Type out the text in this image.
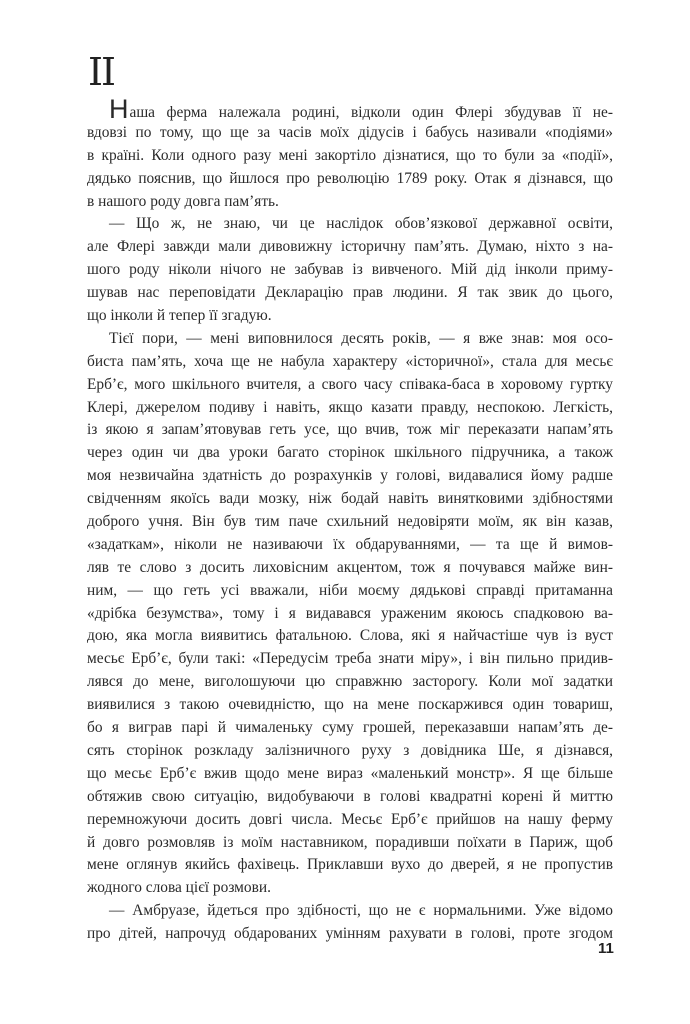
II
Наша ферма належала родині, відколи один Флері збудував її не-
вдовзі по тому, що ще за часів моїх дідусів і бабусь називали «подіями»
в країні. Коли одного разу мені закортіло дізнатися, що то були за «події»,
дядько пояснив, що йшлося про революцію 1789 року. Отак я дізнався, що
в нашого роду довга пам’ять.
— Що ж, не знаю, чи це наслідок обов’язкової державної освіти,
але Флері завжди мали дивовижну історичну пам’ять. Думаю, ніхто з на-
шого роду ніколи нічого не забував із вивченого. Мій дід інколи приму-
шував нас переповідати Декларацію прав людини. Я так звик до цього,
що інколи й тепер її згадую.
Тієї пори, — мені виповнилося десять років, — я вже знав: моя осо-
биста пам’ять, хоча ще не набула характеру «історичної», стала для месьє
Ерб’є, мого шкільного вчителя, а свого часу співака-баса в хоровому гуртку
Клері, джерелом подиву і навіть, якщо казати правду, неспокою. Легкість,
із якою я запам’ятовував геть усе, що вчив, тож міг переказати напам’ять
через один чи два уроки багато сторінок шкільного підручника, а також
моя незвичайна здатність до розрахунків у голові, видавалися йому радше
свідченням якоїсь вади мозку, ніж бодай навіть винятковими здібностями
доброго учня. Він був тим паче схильний недовіряти моїм, як він казав,
«задаткам», ніколи не називаючи їх обдаруваннями, — та ще й вимов-
ляв те слово з досить лиховісним акцентом, тож я почувався майже вин-
ним, — що геть усі вважали, ніби моєму дядькові справді притаманна
«дрібка безумства», тому і я видавався ураженим якоюсь спадковою ва-
дою, яка могла виявитись фатальною. Слова, які я найчастіше чув із вуст
месьє Ерб’є, були такі: «Передусім треба знати міру», і він пильно придив-
лявся до мене, виголошуючи цю справжню засторогу. Коли мої задатки
виявилися з такою очевидністю, що на мене поскаржився один товариш,
бо я виграв парі й чималеньку суму грошей, переказавши напам’ять де-
сять сторінок розкладу залізничного руху з довідника Ше, я дізнався,
що месьє Ерб’є вжив щодо мене вираз «маленький монстр». Я ще більше
обтяжив свою ситуацію, видобуваючи в голові квадратні корені й миттю
перемножуючи досить довгі числа. Месьє Ерб’є прийшов на нашу ферму
й довго розмовляв із моїм наставником, порадивши поїхати в Париж, щоб
мене оглянув якийсь фахівець. Приклавши вухо до дверей, я не пропустив
жодного слова цієї розмови.
— Амбруазе, йдеться про здібності, що не є нормальними. Уже відомо
про дітей, напрочуд обдарованих умінням рахувати в голові, проте згодом
11
